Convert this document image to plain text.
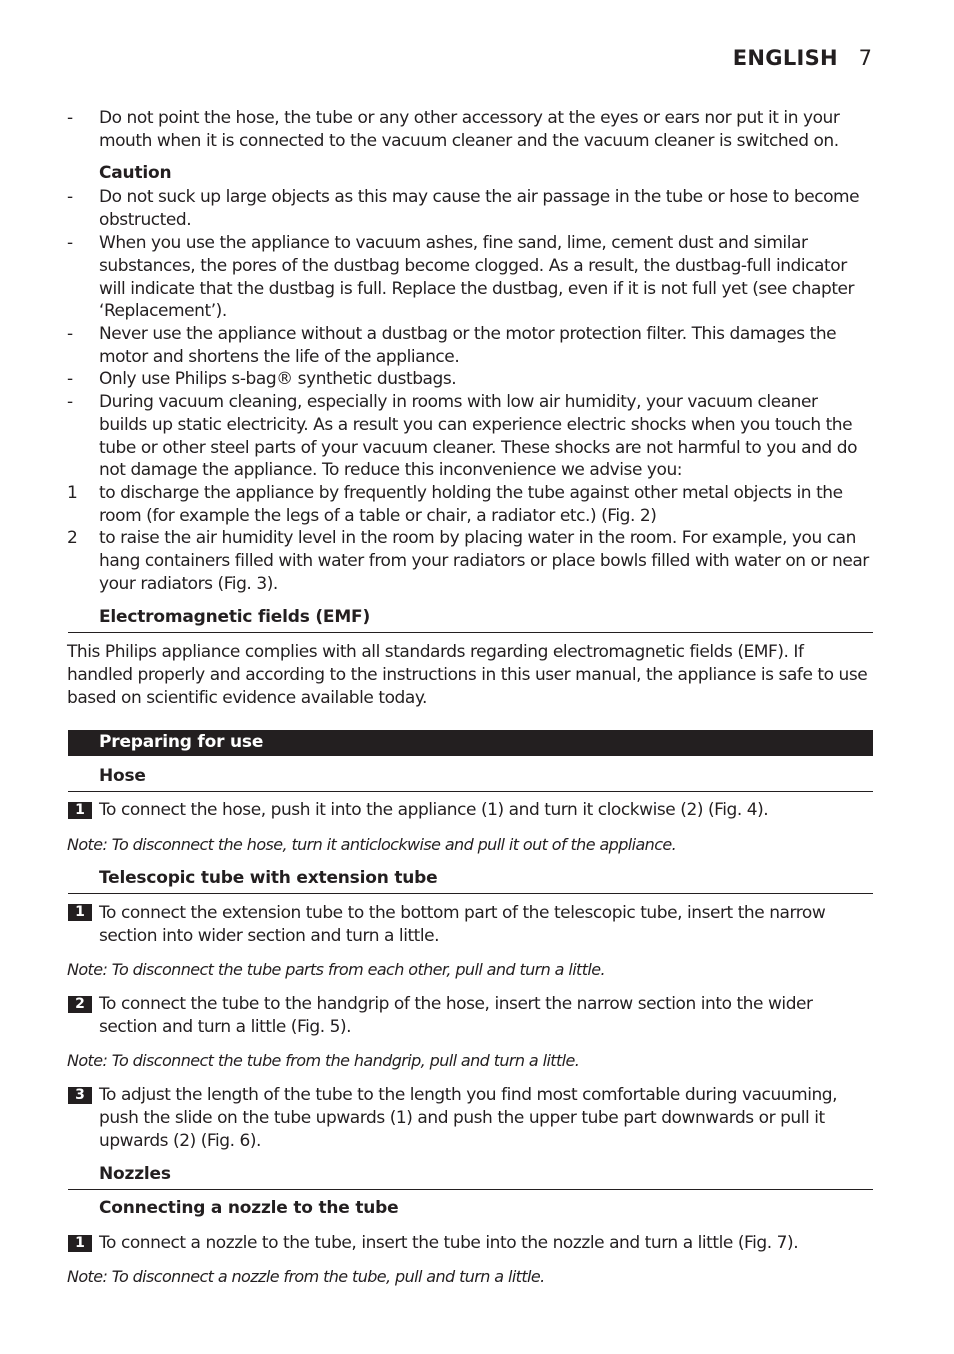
ENGLISH 7
- Do not point the hose, the tube or any other accessory at the eyes or ears nor put it in your mouth when it is connected to the vacuum cleaner and the vacuum cleaner is switched on.
Caution
- Do not suck up large objects as this may cause the air passage in the tube or hose to become obstructed.
- When you use the appliance to vacuum ashes, fine sand, lime, cement dust and similar substances, the pores of the dustbag become clogged. As a result, the dustbag-full indicator will indicate that the dustbag is full. Replace the dustbag, even if it is not full yet (see chapter ‘Replacement’).
- Never use the appliance without a dustbag or the motor protection filter. This damages the motor and shortens the life of the appliance.
- Only use Philips s-bag® synthetic dustbags.
- During vacuum cleaning, especially in rooms with low air humidity, your vacuum cleaner builds up static electricity. As a result you can experience electric shocks when you touch the tube or other steel parts of your vacuum cleaner. These shocks are not harmful to you and do not damage the appliance. To reduce this inconvenience we advise you:
1 to discharge the appliance by frequently holding the tube against other metal objects in the room (for example the legs of a table or chair, a radiator etc.) (Fig. 2)
2 to raise the air humidity level in the room by placing water in the room. For example, you can hang containers filled with water from your radiators or place bowls filled with water on or near your radiators (Fig. 3).
Electromagnetic fields (EMF)
This Philips appliance complies with all standards regarding electromagnetic fields (EMF). If handled properly and according to the instructions in this user manual, the appliance is safe to use based on scientific evidence available today.
Preparing for use
Hose
1 To connect the hose, push it into the appliance (1) and turn it clockwise (2) (Fig. 4).
Note: To disconnect the hose, turn it anticlockwise and pull it out of the appliance.
Telescopic tube with extension tube
1 To connect the extension tube to the bottom part of the telescopic tube, insert the narrow section into wider section and turn a little.
Note: To disconnect the tube parts from each other, pull and turn a little.
2 To connect the tube to the handgrip of the hose, insert the narrow section into the wider section and turn a little (Fig. 5).
Note: To disconnect the tube from the handgrip, pull and turn a little.
3 To adjust the length of the tube to the length you find most comfortable during vacuuming, push the slide on the tube upwards (1) and push the upper tube part downwards or pull it upwards (2) (Fig. 6).
Nozzles
Connecting a nozzle to the tube
1 To connect a nozzle to the tube, insert the tube into the nozzle and turn a little (Fig. 7).
Note: To disconnect a nozzle from the tube, pull and turn a little.
